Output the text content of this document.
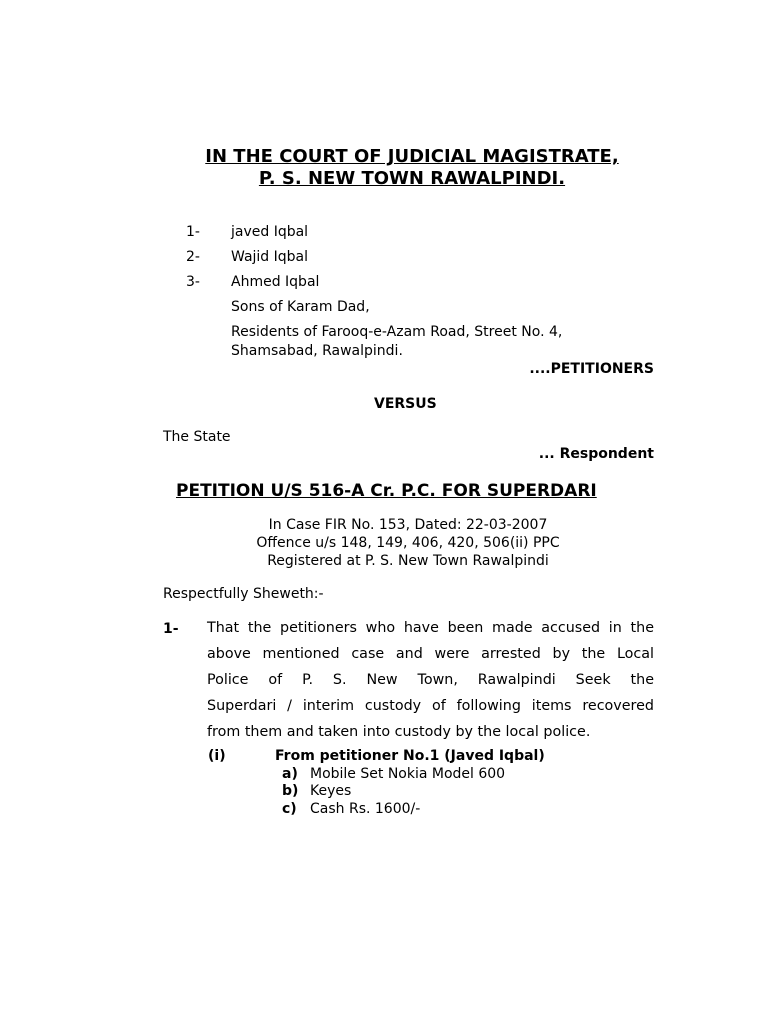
IN THE COURT OF JUDICIAL MAGISTRATE,
P. S. NEW TOWN RAWALPINDI.
1- javed Iqbal
2- Wajid Iqbal
3- Ahmed Iqbal
Sons of Karam Dad,
Residents of Farooq-e-Azam Road, Street No. 4,
Shamsabad, Rawalpindi.
....PETITIONERS
VERSUS
The State
... Respondent
PETITION U/S 516-A Cr. P.C. FOR SUPERDARI
In Case FIR No. 153, Dated: 22-03-2007
Offence u/s 148, 149, 406, 420, 506(ii) PPC
Registered at P. S. New Town Rawalpindi
Respectfully Sheweth:-
1- That the petitioners who have been made accused in the
above mentioned case and were arrested by the Local
Police of P. S. New Town, Rawalpindi Seek the
Superdari / interim custody of following items recovered
from them and taken into custody by the local police.
(i)	From petitioner No.1 (Javed Iqbal)
a) Mobile Set Nokia Model 600
b) Keyes
c) Cash Rs. 1600/-
